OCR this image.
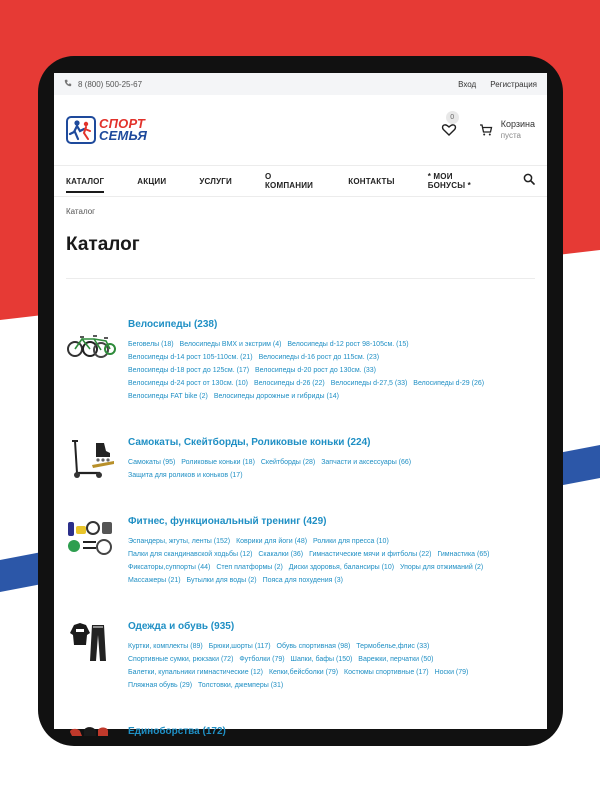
8 (800) 500-25-67	Вход Регистрация
СПОРТ
СЕМЬЯ
0
Корзина
пуста
КАТАЛОГ	АКЦИИ	УСЛУГИ	О КОМПАНИИ	КОНТАКТЫ	* МОИ БОНУСЫ *
Каталог
Каталог
Велосипеды (238)
Беговелы (18) Велосипеды BMX и экстрим (4) Велосипеды d-12 рост 98-105см. (15)
Велосипеды d-14 рост 105-110см. (21) Велосипеды d-16 рост до 115см. (23)
Велосипеды d-18 рост до 125см. (17) Велосипеды d-20 рост до 130см. (33)
Велосипеды d-24 рост от 130см. (10) Велосипеды d-26 (22) Велосипеды d-27,5 (33) Велосипеды d-29 (26)
Велосипеды FAT bike (2) Велосипеды дорожные и гибриды (14)
Самокаты, Скейтборды, Роликовые коньки (224)
Самокаты (95) Роликовые коньки (18) Скейтборды (28) Запчасти и аксессуары (66)
Защита для роликов и коньков (17)
Фитнес, функциональный тренинг (429)
Эспандеры, жгуты, ленты (152) Коврики для йоги (48) Ролики для пресса (10)
Палки для скандинавской ходьбы (12) Скакалки (36) Гимнастические мячи и фитболы (22) Гимнастика (65)
Фиксаторы,суппорты (44) Степ платформы (2) Диски здоровья, балансиры (10) Упоры для отжиманий (2)
Массажеры (21) Бутылки для воды (2) Пояса для похудения (3)
Одежда и обувь (935)
Куртки, комплекты (89) Брюки,шорты (117) Обувь спортивная (98) Термобелье,флис (33)
Спортивные сумки, рюкзаки (72) Футболки (79) Шапки, бафы (150) Варежки, перчатки (50)
Балетки, купальники гимнастические (12) Кепки,бейсболки (79) Костюмы спортивные (17) Носки (79)
Пляжная обувь (29) Толстовки, джемперы (31)
Единоборства (172)
